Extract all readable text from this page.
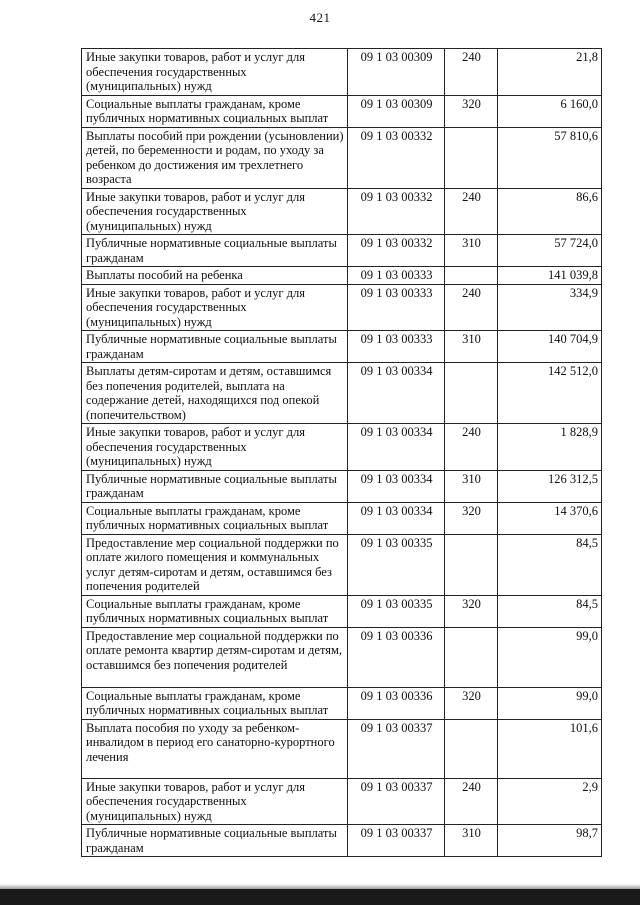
421
Иные закупки товаров, работ и услуг для обеспечения государственных (муниципальных) нужд	09 1 03 00309	240	21,8
Социальные выплаты гражданам, кроме публичных нормативных социальных выплат	09 1 03 00309	320	6 160,0
Выплаты пособий при рождении (усыновлении) детей, по беременности и родам, по уходу за ребенком до достижения им трехлетнего возраста	09 1 03 00332		57 810,6
Иные закупки товаров, работ и услуг для обеспечения государственных (муниципальных) нужд	09 1 03 00332	240	86,6
Публичные нормативные социальные выплаты гражданам	09 1 03 00332	310	57 724,0
Выплаты пособий на ребенка	09 1 03 00333		141 039,8
Иные закупки товаров, работ и услуг для обеспечения государственных (муниципальных) нужд	09 1 03 00333	240	334,9
Публичные нормативные социальные выплаты гражданам	09 1 03 00333	310	140 704,9
Выплаты детям-сиротам и детям, оставшимся без попечения родителей, выплата на содержание детей, находящихся под опекой (попечительством)	09 1 03 00334		142 512,0
Иные закупки товаров, работ и услуг для обеспечения государственных (муниципальных) нужд	09 1 03 00334	240	1 828,9
Публичные нормативные социальные выплаты гражданам	09 1 03 00334	310	126 312,5
Социальные выплаты гражданам, кроме публичных нормативных социальных выплат	09 1 03 00334	320	14 370,6
Предоставление мер социальной поддержки по оплате жилого помещения и коммунальных услуг детям-сиротам и детям, оставшимся без попечения родителей	09 1 03 00335		84,5
Социальные выплаты гражданам, кроме публичных нормативных социальных выплат	09 1 03 00335	320	84,5
Предоставление мер социальной поддержки по оплате ремонта квартир детям-сиротам и детям, оставшимся без попечения родителей	09 1 03 00336		99,0
Социальные выплаты гражданам, кроме публичных нормативных социальных выплат	09 1 03 00336	320	99,0
Выплата пособия по уходу за ребенком-инвалидом в период его санаторно-курортного лечения	09 1 03 00337		101,6
Иные закупки товаров, работ и услуг для обеспечения государственных (муниципальных) нужд	09 1 03 00337	240	2,9
Публичные нормативные социальные выплаты гражданам	09 1 03 00337	310	98,7
